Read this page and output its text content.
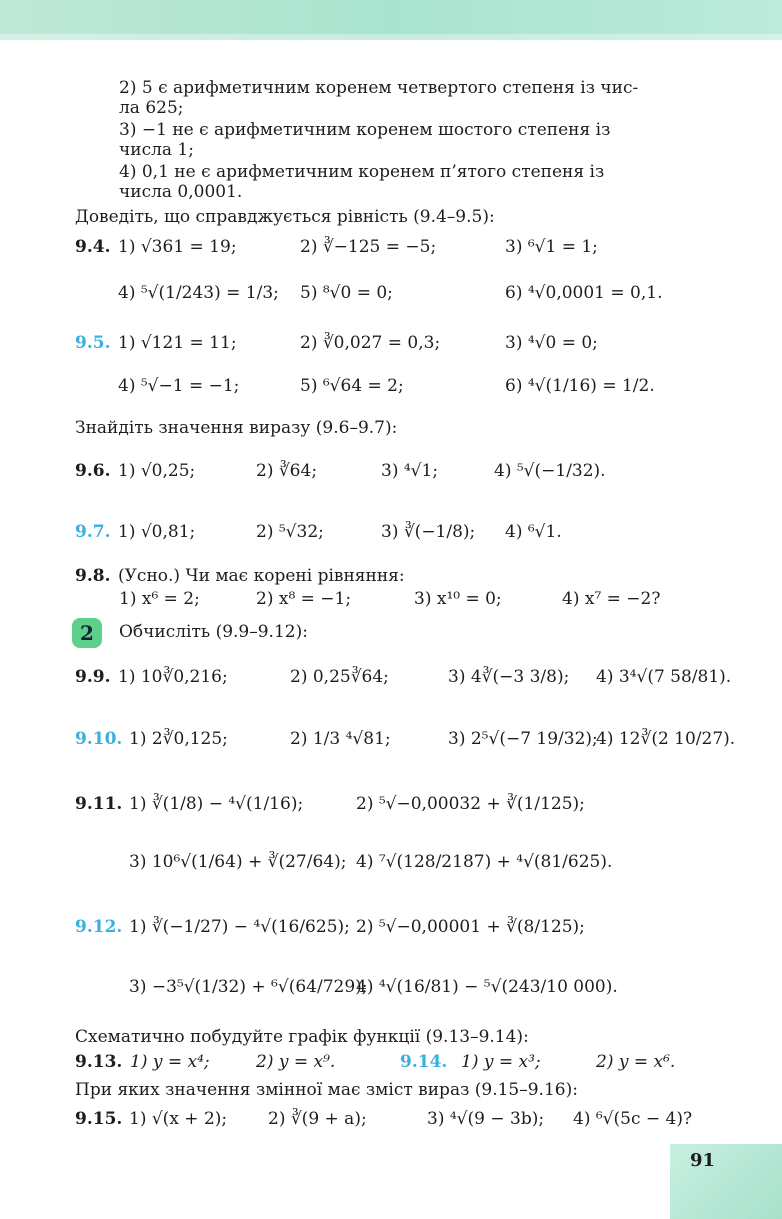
2) 5 є арифметичним коренем четвертого степеня із чис-
ла 625;
3) −1 не є арифметичним коренем шостого степеня із
числа 1;
4) 0,1 не є арифметичним коренем п’ятого степеня із
числа 0,0001.
Доведіть, що справджується рівність (9.4–9.5):
9.4. 1) √361 = 19;	2) ∛−125 = −5;	3) ⁶√1 = 1;
4) ⁵√(1/243) = 1/3; 5) ⁸√0 = 0;	6) ⁴√0,0001 = 0,1.
9.5. 1) √121 = 11;	2) ∛0,027 = 0,3;	3) ⁴√0 = 0;
4) ⁵√−1 = −1;	5) ⁶√64 = 2;	6) ⁴√(1/16) = 1/2.
Знайдіть значення виразу (9.6–9.7):
9.6. 1) √0,25;	2) ∛64;	3) ⁴√1;	4) ⁵√(−1/32).
9.7. 1) √0,81;	2) ⁵√32;	3) ∛(−1/8); 4) ⁶√1.
9.8. (Усно.) Чи має корені рівняння:
1) x⁶ = 2;	2) x⁸ = −1;	3) x¹⁰ = 0;	4) x⁷ = −2?
2	Обчисліть (9.9–9.12):
9.9. 1) 10∛0,216;	2) 0,25∛64;	3) 4∛(−3 3/8); 4) 3⁴√(7 58/81).
9.10. 1) 2∛0,125;	2) 1/3 ⁴√81;	3) 2⁵√(−7 19/32);
4) 12∛(2 10/27).
9.11. 1) ∛(1/8) − ⁴√(1/16);	2) ⁵√−0,00032 + ∛(1/125);
3) 10⁶√(1/64) + ∛(27/64); 4) ⁷√(128/2187) + ⁴√(81/625).
9.12. 1) ∛(−1/27) − ⁴√(16/625); 2) ⁵√−0,00001 + ∛(8/125);
3) −3⁵√(1/32) + ⁶√(64/729);
4) ⁴√(16/81) − ⁵√(243/10 000).
Схематично побудуйте графік функції (9.13–9.14):
9.13. 1) y = x⁴;	2) y = x⁹.	9.14. 1) y = x³;	2) y = x⁶.
При яких значення змінної має зміст вираз (9.15–9.16):
9.15. 1) √(x + 2); 2) ∛(9 + a);	3) ⁴√(9 − 3b); 4) ⁶√(5c − 4)?
91
